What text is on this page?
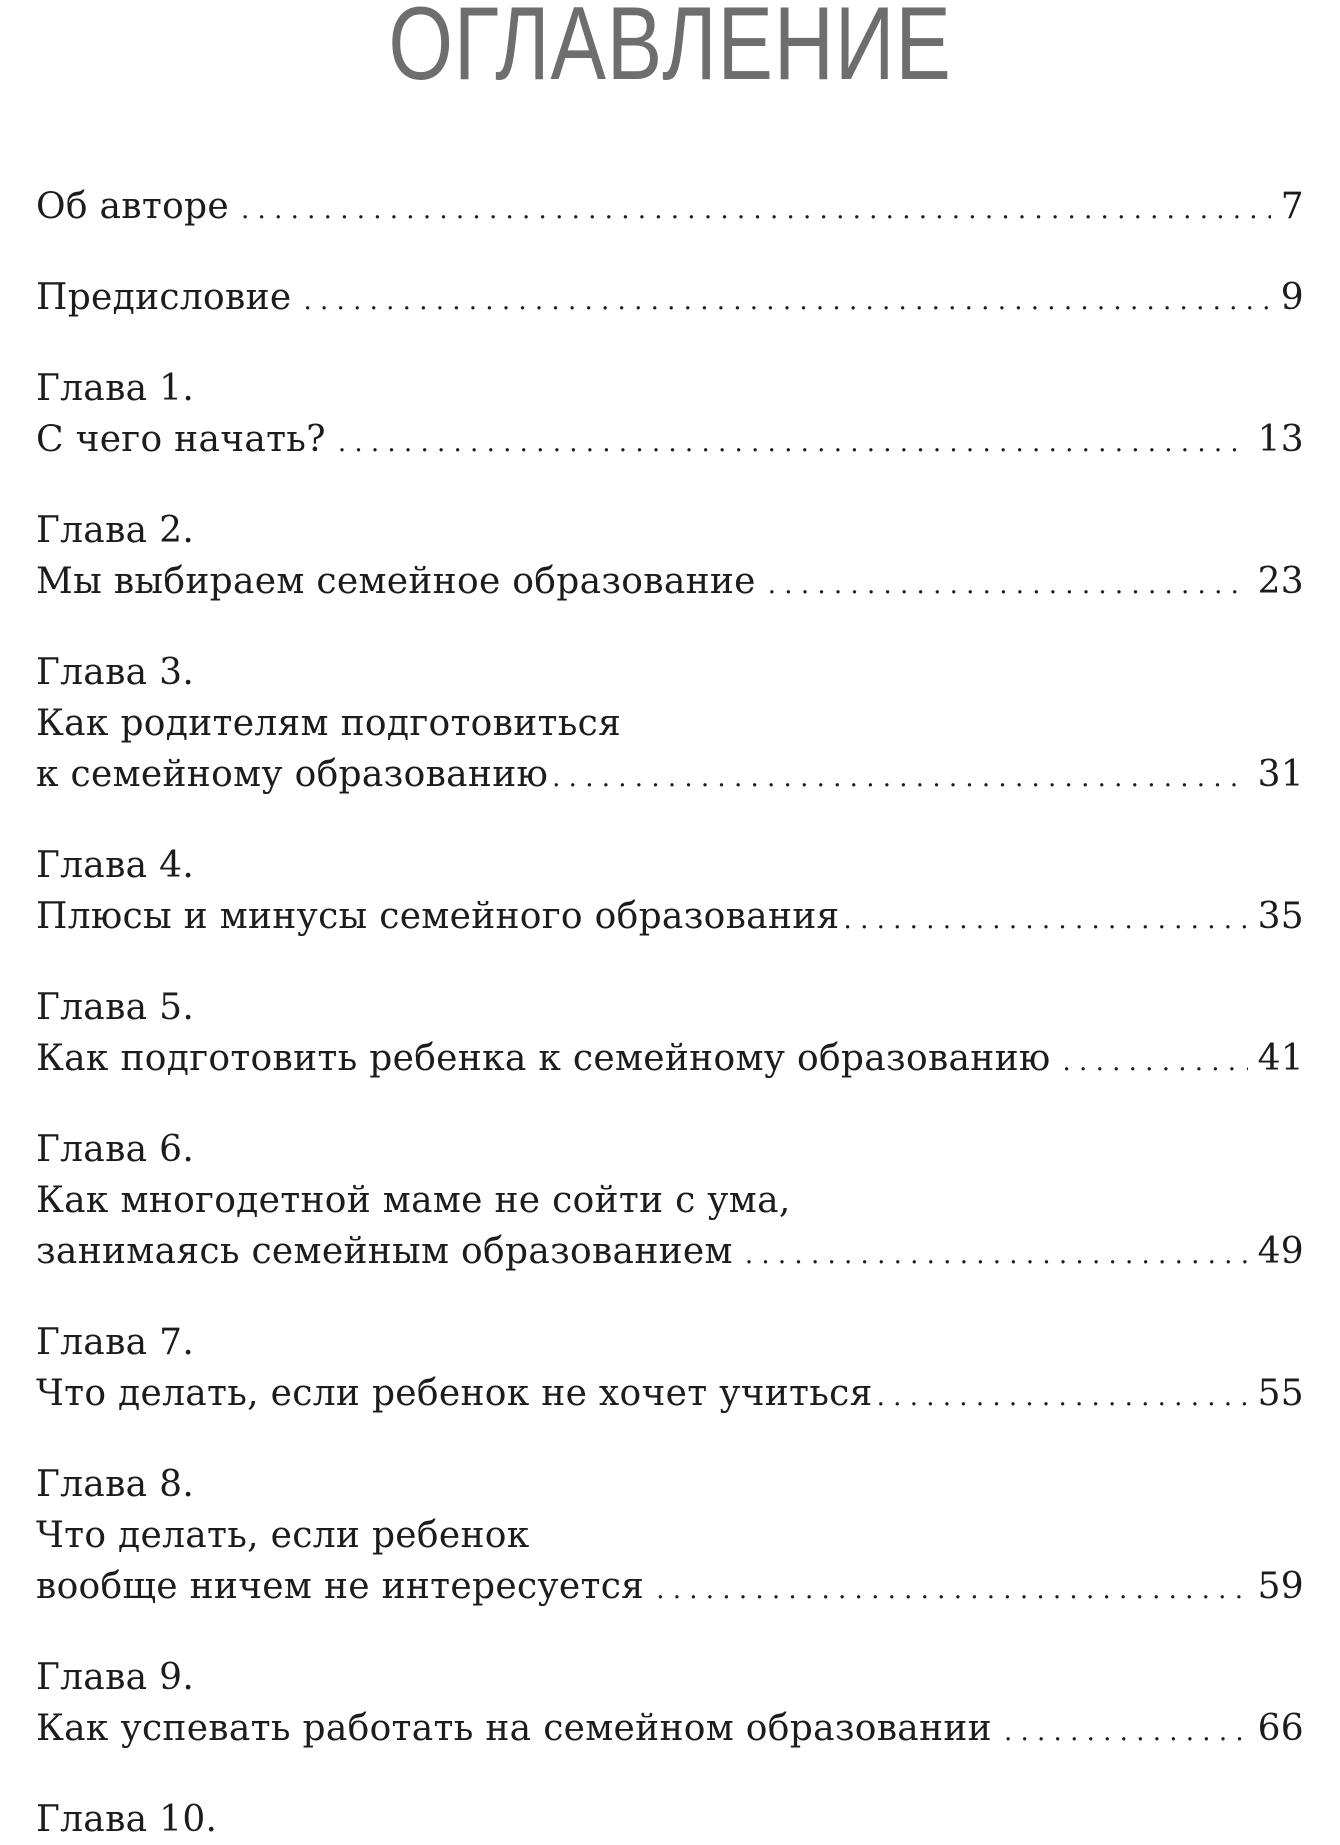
ОГЛАВЛЕНИЕ
Об авторе . . .	7
Предисловие . . .	9
Глава 1.
С чего начать? . . .	13
Глава 2.
Мы выбираем семейное образование . . .	23
Глава 3.
Как родителям подготовиться
к семейному образованию . . .	31
Глава 4.
Плюсы и минусы семейного образования . . .	35
Глава 5.
Как подготовить ребенка к семейному образованию . . .	41
Глава 6.
Как многодетной маме не сойти с ума,
занимаясь семейным образованием . . .	49
Глава 7.
Что делать, если ребенок не хочет учиться . . .	55
Глава 8.
Что делать, если ребенок
вообще ничем не интересуется . . .	59
Глава 9.
Как успевать работать на семейном образовании . . .	66
Глава 10.
